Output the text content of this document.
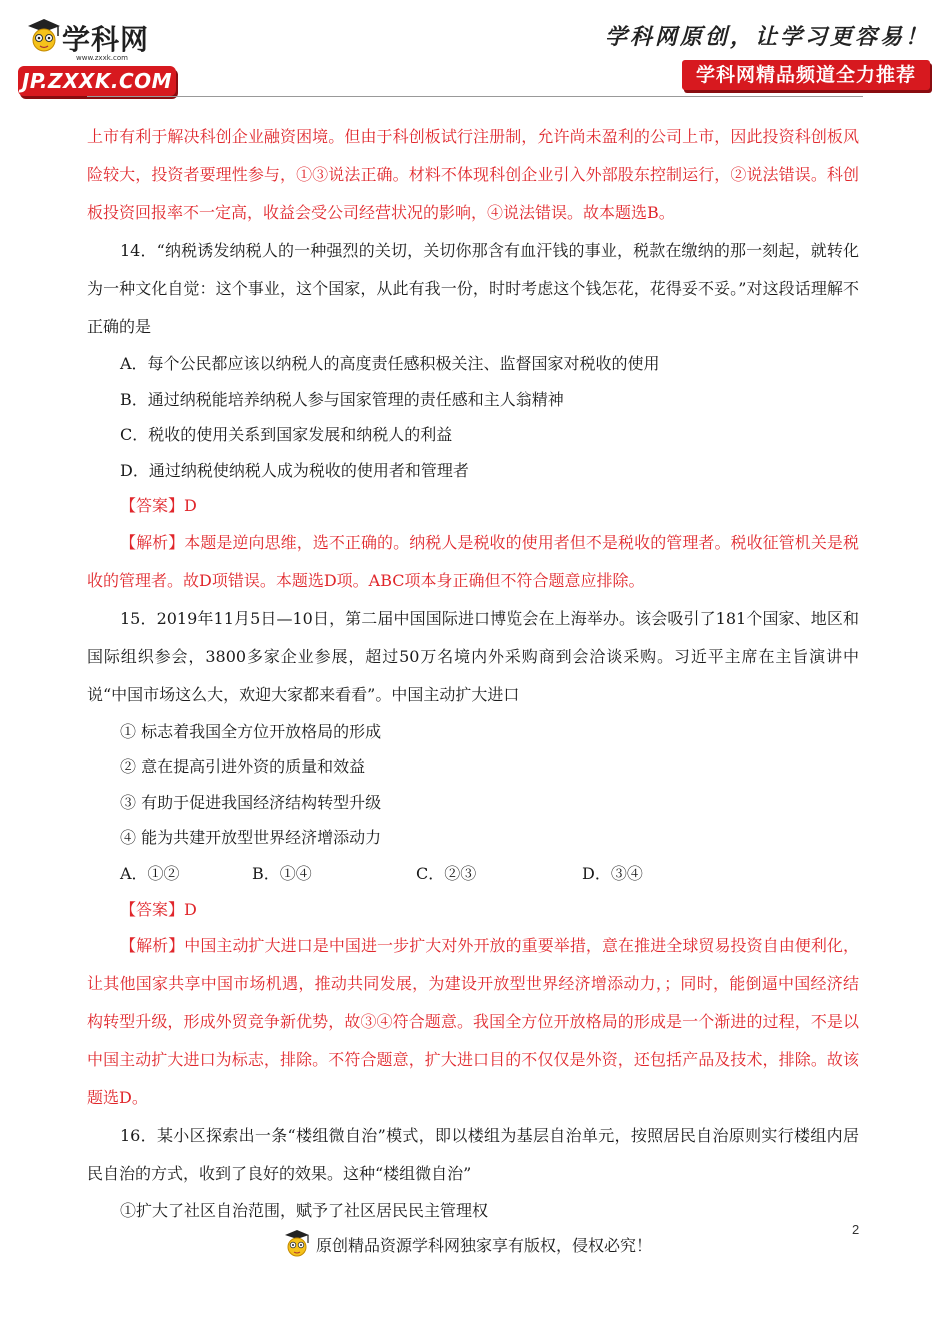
学科网
www.zxxk.com
JP.ZXXK.COM
学科网原创，让学习更容易！
学科网精品频道全力推荐

上市有利于解决科创企业融资困境。但由于科创板试行注册制，允许尚未盈利的公司上市，因此投资科创板风险较大，投资者要理性参与，①③说法正确。材料不体现科创企业引入外部股东控制运行，②说法错误。科创板投资回报率不一定高，收益会受公司经营状况的影响，④说法错误。故本题选B。

14．“纳税诱发纳税人的一种强烈的关切，关切你那含有血汗钱的事业，税款在缴纳的那一刻起，就转化为一种文化自觉：这个事业，这个国家，从此有我一份，时时考虑这个钱怎花，花得妥不妥。”对这段话理解不正确的是

A．每个公民都应该以纳税人的高度责任感积极关注、监督国家对税收的使用

B．通过纳税能培养纳税人参与国家管理的责任感和主人翁精神

C．税收的使用关系到国家发展和纳税人的利益

D．通过纳税使纳税人成为税收的使用者和管理者

【答案】D

【解析】本题是逆向思维，选不正确的。纳税人是税收的使用者但不是税收的管理者。税收征管机关是税收的管理者。故D项错误。本题选D项。ABC项本身正确但不符合题意应排除。

15．2019年11月5日—10日，第二届中国国际进口博览会在上海举办。该会吸引了181个国家、地区和国际组织参会，3800多家企业参展，超过50万名境内外采购商到会洽谈采购。习近平主席在主旨演讲中说“中国市场这么大，欢迎大家都来看看”。中国主动扩大进口

① 标志着我国全方位开放格局的形成

② 意在提高引进外资的质量和效益

③ 有助于促进我国经济结构转型升级

④ 能为共建开放型世界经济增添动力

A．①②	B．①④	C．②③	D．③④

【答案】D

【解析】中国主动扩大进口是中国进一步扩大对外开放的重要举措，意在推进全球贸易投资自由便利化，让其他国家共享中国市场机遇，推动共同发展，为建设开放型世界经济增添动力，；同时，能倒逼中国经济结构转型升级，形成外贸竞争新优势，故③④符合题意。我国全方位开放格局的形成是一个渐进的过程，不是以中国主动扩大进口为标志，排除。不符合题意，扩大进口目的不仅仅是外资，还包括产品及技术，排除。故该题选D。

16．某小区探索出一条“楼组微自治”模式，即以楼组为基层自治单元，按照居民自治原则实行楼组内居民自治的方式，收到了良好的效果。这种“楼组微自治”

①扩大了社区自治范围，赋予了社区居民民主管理权

2
原创精品资源学科网独家享有版权，侵权必究！
